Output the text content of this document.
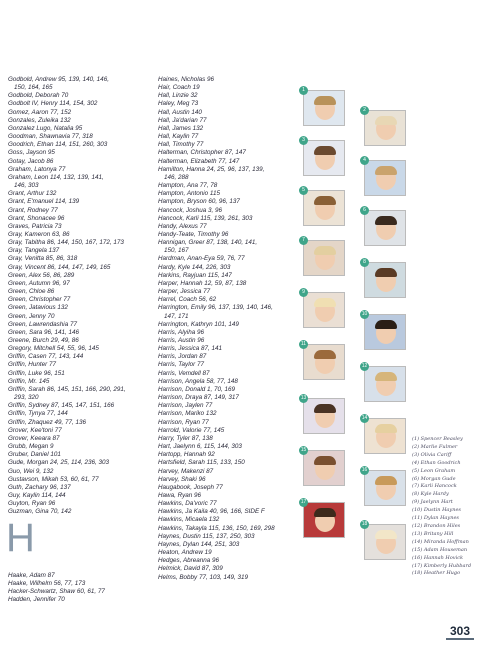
Godbold, Andrew 95, 139, 140, 146,
150, 164, 165
Godbold, Deborah 70
Godbolt IV, Henry 114, 154, 302
Gomez, Aaron 77, 152
Gonzales, Zuleika 132
Gonzalez Lugo, Natalia 95
Goodman, Shawnavia 77, 318
Goodrich, Ethan 114, 151, 260, 303
Goss, Jayson 95
Gotay, Jacob 86
Graham, Latonya 77
Graham, Leon 114, 132, 139, 141,
146, 303
Grant, Arthur 132
Grant, E'manuel 114, 139
Grant, Rodney 77
Grant, Shonacee 96
Graves, Patricia 73
Gray, Kameron 63, 86
Gray, Tabitha 86, 144, 150, 167, 172, 173
Gray, Tangela 137
Gray, Venitta 85, 86, 318
Gray, Vincent 86, 144, 147, 149, 165
Green, Alex 56, 86, 289
Green, Autumn 96, 97
Green, Chloe 86
Green, Christopher 77
Green, Jatavious 132
Green, Jenny 70
Green, Lawrendashia 77
Green, Sara 96, 141, 146
Greene, Burch 29, 49, 86
Gregory, Mitchell 54, 55, 96, 145
Griffin, Casen 77, 143, 144
Griffin, Hunter 77
Griffin, Luke 96, 151
Griffin, Mr. 145
Griffin, Sarah 86, 145, 151, 166, 290, 291,
293, 320
Griffin, Sydney 87, 145, 147, 151, 166
Griffin, Tynya 77, 144
Griffin, Zhaquez 49, 77, 136
Grover, Kee'toni 77
Grover, Keeara 87
Grubb, Megan 9
Gruber, Daniel 101
Gude, Morgan 24, 25, 114, 236, 303
Guo, Wei 9, 132
Gustavson, Mikah 53, 60, 61, 77
Guth, Zachary 96, 137
Guy, Kaylin 114, 144
Guyton, Ryan 96
Guzman, Gina 70, 142
H
Haake, Adam 87
Haake, Wilhelm 56, 77, 173
Hacker-Schwartz, Shaw 60, 61, 77
Hadden, Jennifer 70
Haines, Nicholas 96
Hair, Coach 19
Hall, Linzie 32
Haley, Meg 73
Hall, Austin 140
Hall, Ja'darian 77
Hall, James 132
Hall, Kaylin 77
Hall, Timothy 77
Halterman, Christopher 87, 147
Halterman, Elizabeth 77, 147
Hamilton, Hanna 24, 25, 96, 137, 139,
146, 288
Hampton, Ana 77, 78
Hampton, Antonio 115
Hampton, Bryson 60, 96, 137
Hancock, Joshua 3, 96
Hancock, Karli 115, 139, 261, 303
Handy, Alexus 77
Handy-Teate, Timothy 96
Hannigan, Greer 87, 138, 140, 141,
150, 167
Hardman, Anan-Eya 59, 76, 77
Hardy, Kyle 144, 226, 303
Harkins, Rayjuan 115, 147
Harper, Hannah 12, 59, 87, 138
Harper, Jessica 77
Harrel, Coach 56, 62
Harrington, Emily 96, 137, 139, 140, 146,
147, 171
Harrington, Kathryn 101, 149
Harris, Alyiha 96
Harris, Austin 96
Harris, Jessica 87, 141
Harris, Jordan 87
Harris, Taylor 77
Harris, Vemdell 87
Harrison, Angela 58, 77, 148
Harrison, Donald 1, 70, 169
Harrison, Draya 87, 149, 317
Harrison, Jaylen 77
Harrison, Mariko 132
Harrison, Ryan 77
Harrold, Valorie 77, 145
Harry, Tyler 87, 138
Hart, Jaelynn 6, 115, 144, 303
Hartopp, Hannah 92
Hartsfield, Sarah 115, 133, 150
Harvey, Makenzi 87
Harvey, Shaki 96
Haugabook, Joseph 77
Hawa, Ryan 96
Hawkins, Da'voric 77
Hawkins, Ja Kaila 40, 96, 166, SIDE F
Hawkins, Micaela 132
Hawkins, Takayla 115, 136, 150, 169, 298
Haynes, Dustin 115, 137, 250, 303
Haynes, Dylan 144, 251, 303
Heaton, Andrew 19
Hedges, Abreanna 96
Helmick, David 87, 309
Helms, Bobby 77, 103, 149, 319
1
2
3
4
5
6
7
8
9
10
11
12
13
14
15
16
17
18
(1) Spencer Beasley
(2) Marlie Fulmer
(3) Olivia Cariff
(4) Ethan Goodrich
(5) Leon Graham
(6) Morgan Gude
(7) Karli Hancock
(8) Kyle Hardy
(9) Jaelynn Hart
(10) Dustin Haynes
(11) Dylan Haynes
(12) Brandon Hiles
(13) Britany Hill
(14) Miranda Hoffman
(15) Adam Houseman
(16) Hannah Hovick
(17) Kimberly Hubbard
(18) Heather Hugo
303
